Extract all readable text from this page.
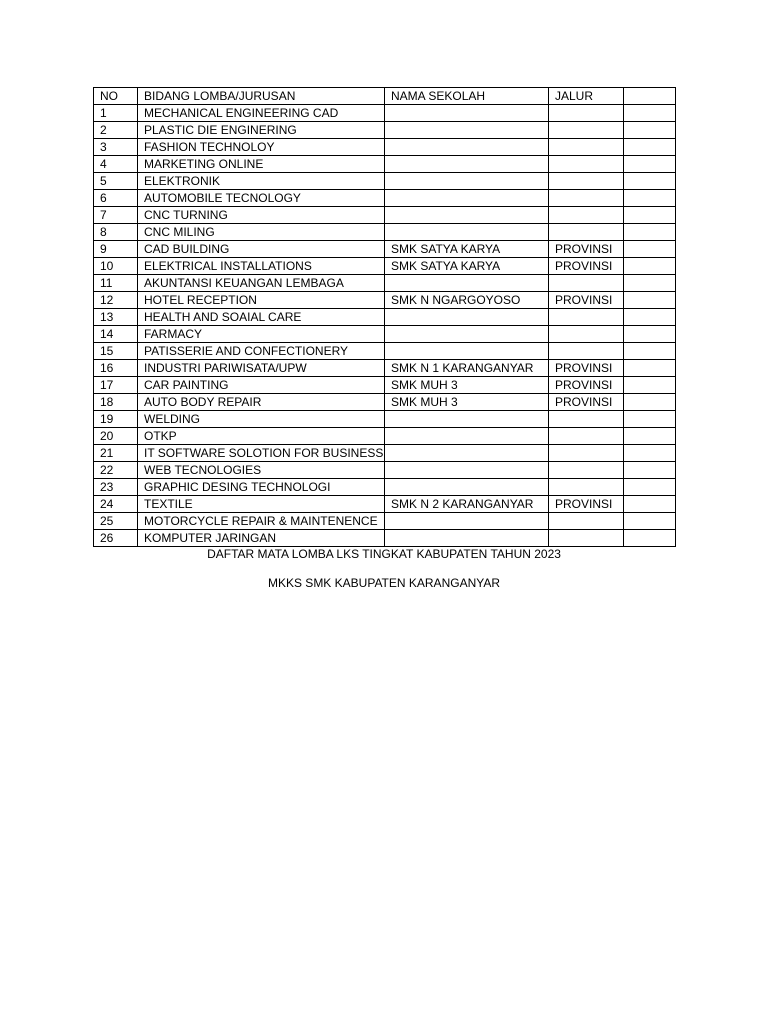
NO	BIDANG LOMBA/JURUSAN	NAMA SEKOLAH	JALUR	
1	MECHANICAL ENGINEERING CAD			
2	PLASTIC DIE ENGINERING			
3	FASHION TECHNOLOY			
4	MARKETING ONLINE			
5	ELEKTRONIK			
6	AUTOMOBILE TECNOLOGY			
7	CNC TURNING			
8	CNC MILING			
9	CAD BUILDING	SMK SATYA KARYA	PROVINSI	
10	ELEKTRICAL INSTALLATIONS	SMK SATYA KARYA	PROVINSI	
11	AKUNTANSI KEUANGAN LEMBAGA			
12	HOTEL RECEPTION	SMK N NGARGOYOSO	PROVINSI	
13	HEALTH AND SOAIAL CARE			
14	FARMACY			
15	PATISSERIE AND CONFECTIONERY			
16	INDUSTRI PARIWISATA/UPW	SMK N 1 KARANGANYAR	PROVINSI	
17	CAR PAINTING	SMK MUH 3	PROVINSI	
18	AUTO BODY REPAIR	SMK MUH 3	PROVINSI	
19	WELDING			
20	OTKP			
21	IT SOFTWARE SOLOTION FOR BUSINESS			
22	WEB TECNOLOGIES			
23	GRAPHIC DESING TECHNOLOGI			
24	TEXTILE	SMK N 2 KARANGANYAR	PROVINSI	
25	MOTORCYCLE REPAIR & MAINTENENCE			
26	KOMPUTER JARINGAN			
DAFTAR MATA LOMBA LKS TINGKAT KABUPATEN TAHUN 2023
MKKS SMK KABUPATEN KARANGANYAR
